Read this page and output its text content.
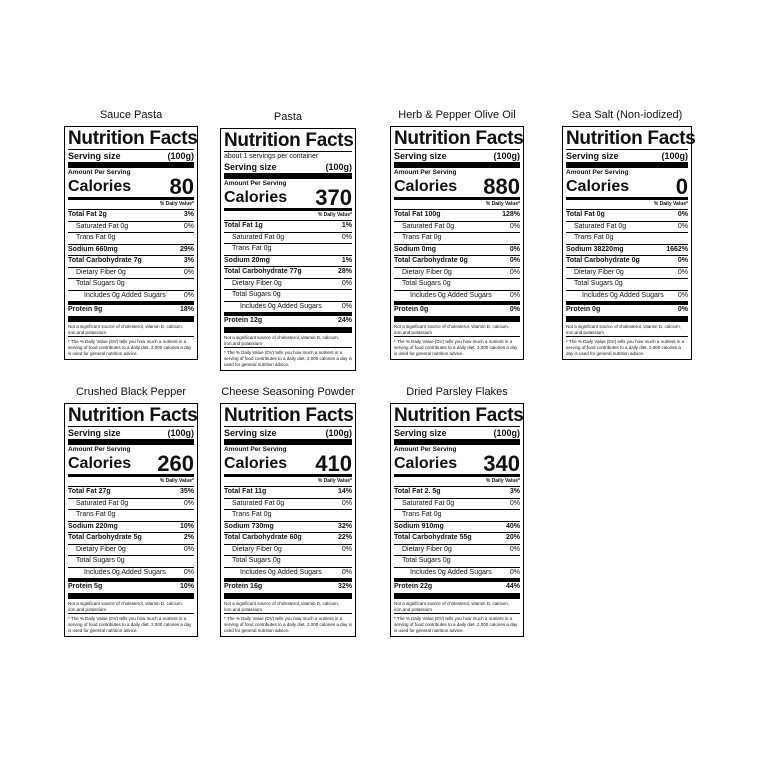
Sauce Pasta
Nutrition Facts
Serving size	(100g)
Amount Per Serving
Calories 80
% Daily Value*
Total Fat 2g	3%
Saturated Fat 0g	0%
Trans Fat 0g
Sodium 660mg	29%
Total Carbohydrate 7g	3%
Dietary Fiber 0g	0%
Total Sugars 0g
Includes 0g Added Sugars	0%
Protein 9g	18%
Not a significant source of cholesterol, vitamin D, calcium, iron,and potassium
* The % Daily Value (DV) tells you how much a nutrient in a serving of food contributes to a daily diet. 2,000 calories a day is used for general nutrition advice.
Pasta
Nutrition Facts
about 1 servings per container
Serving size	(100g)
Amount Per Serving
Calories 370
% Daily Value*
Total Fat 1g	1%
Saturated Fat 0g	0%
Trans Fat 0g
Sodium 20mg	1%
Total Carbohydrate 77g	28%
Dietary Fiber 0g	0%
Total Sugars 0g
Includes 0g Added Sugars	0%
Protein 12g	24%
Not a significant source of cholesterol, vitamin D, calcium, iron,and potassium
* The % Daily Value (DV) tells you how much a nutrient in a serving of food contributes to a daily diet. 2,000 calories a day is used for general nutrition advice.
Herb & Pepper Olive Oil
Nutrition Facts
Serving size	(100g)
Amount Per Serving
Calories 880
% Daily Value*
Total Fat 100g	128%
Saturated Fat 0g	0%
Trans Fat 0g
Sodium 0mg	0%
Total Carbohydrate 0g	0%
Dietary Fiber 0g	0%
Total Sugars 0g
Includes 0g Added Sugars	0%
Protein 0g	0%
Not a significant source of cholesterol, vitamin D, calcium, iron,and potassium
* The % Daily Value (DV) tells you how much a nutrient in a serving of food contributes to a daily diet. 2,000 calories a day is used for general nutrition advice.
Sea Salt (Non-iodized)
Nutrition Facts
Serving size	(100g)
Amount Per Serving
Calories 0
% Daily Value*
Total Fat 0g	0%
Saturated Fat 0g	0%
Trans Fat 0g
Sodium 38220mg	1662%
Total Carbohydrate 0g	0%
Dietary Fiber 0g	0%
Total Sugars 0g
Includes 0g Added Sugars 0%
Protein 0g	0%
Not a significant source of cholesterol, vitamin D, calcium, iron,and potassium
* The % Daily Value (DV) tells you how much a nutrient in a serving of food contributes to a daily diet. 2,000 calories a day is used for general nutrition advice.
Crushed Black Pepper
Nutrition Facts
Serving size	(100g)
Amount Per Serving
Calories 260
% Daily Value*
Total Fat 27g	35%
Saturated Fat 0g	0%
Trans Fat 0g
Sodium 220mg	10%
Total Carbohydrate 5g	2%
Dietary Fiber 0g	0%
Total Sugars 0g
Includes 0g Added Sugars	0%
Protein 5g	10%
Not a significant source of cholesterol, vitamin D, calcium, iron,and potassium
* The % Daily Value (DV) tells you how much a nutrient in a serving of food contributes to a daily diet. 2,000 calories a day is used for general nutrition advice.
Cheese Seasoning Powder
Nutrition Facts
Serving size	(100g)
Amount Per Serving
Calories 410
% Daily Value*
Total Fat 11g	14%
Saturated Fat 0g	0%
Trans Fat 0g
Sodium 730mg	32%
Total Carbohydrate 60g	22%
Dietary Fiber 0g	0%
Total Sugars 0g
Includes 0g Added Sugars	0%
Protein 16g	32%
Not a significant source of cholesterol, vitamin D, calcium, iron,and potassium
* The % Daily Value (DV) tells you how much a nutrient in a serving of food contributes to a daily diet. 2,000 calories a day is used for general nutrition advice.
Dried Parsley Flakes
Nutrition Facts
Serving size	(100g)
Amount Per Serving
Calories 340
% Daily Value*
Total Fat 2. 5g	3%
Saturated Fat 0g	0%
Trans Fat 0g
Sodium 910mg	40%
Total Carbohydrate 55g	20%
Dietary Fiber 0g	0%
Total Sugars 0g
Includes 0g Added Sugars	0%
Protein 22g	44%
Not a significant source of cholesterol, vitamin D, calcium, iron,and potassium
* The % Daily Value (DV) tells you how much a nutrient in a serving of food contributes to a daily diet. 2,000 calories a day is used for general nutrition advice.
